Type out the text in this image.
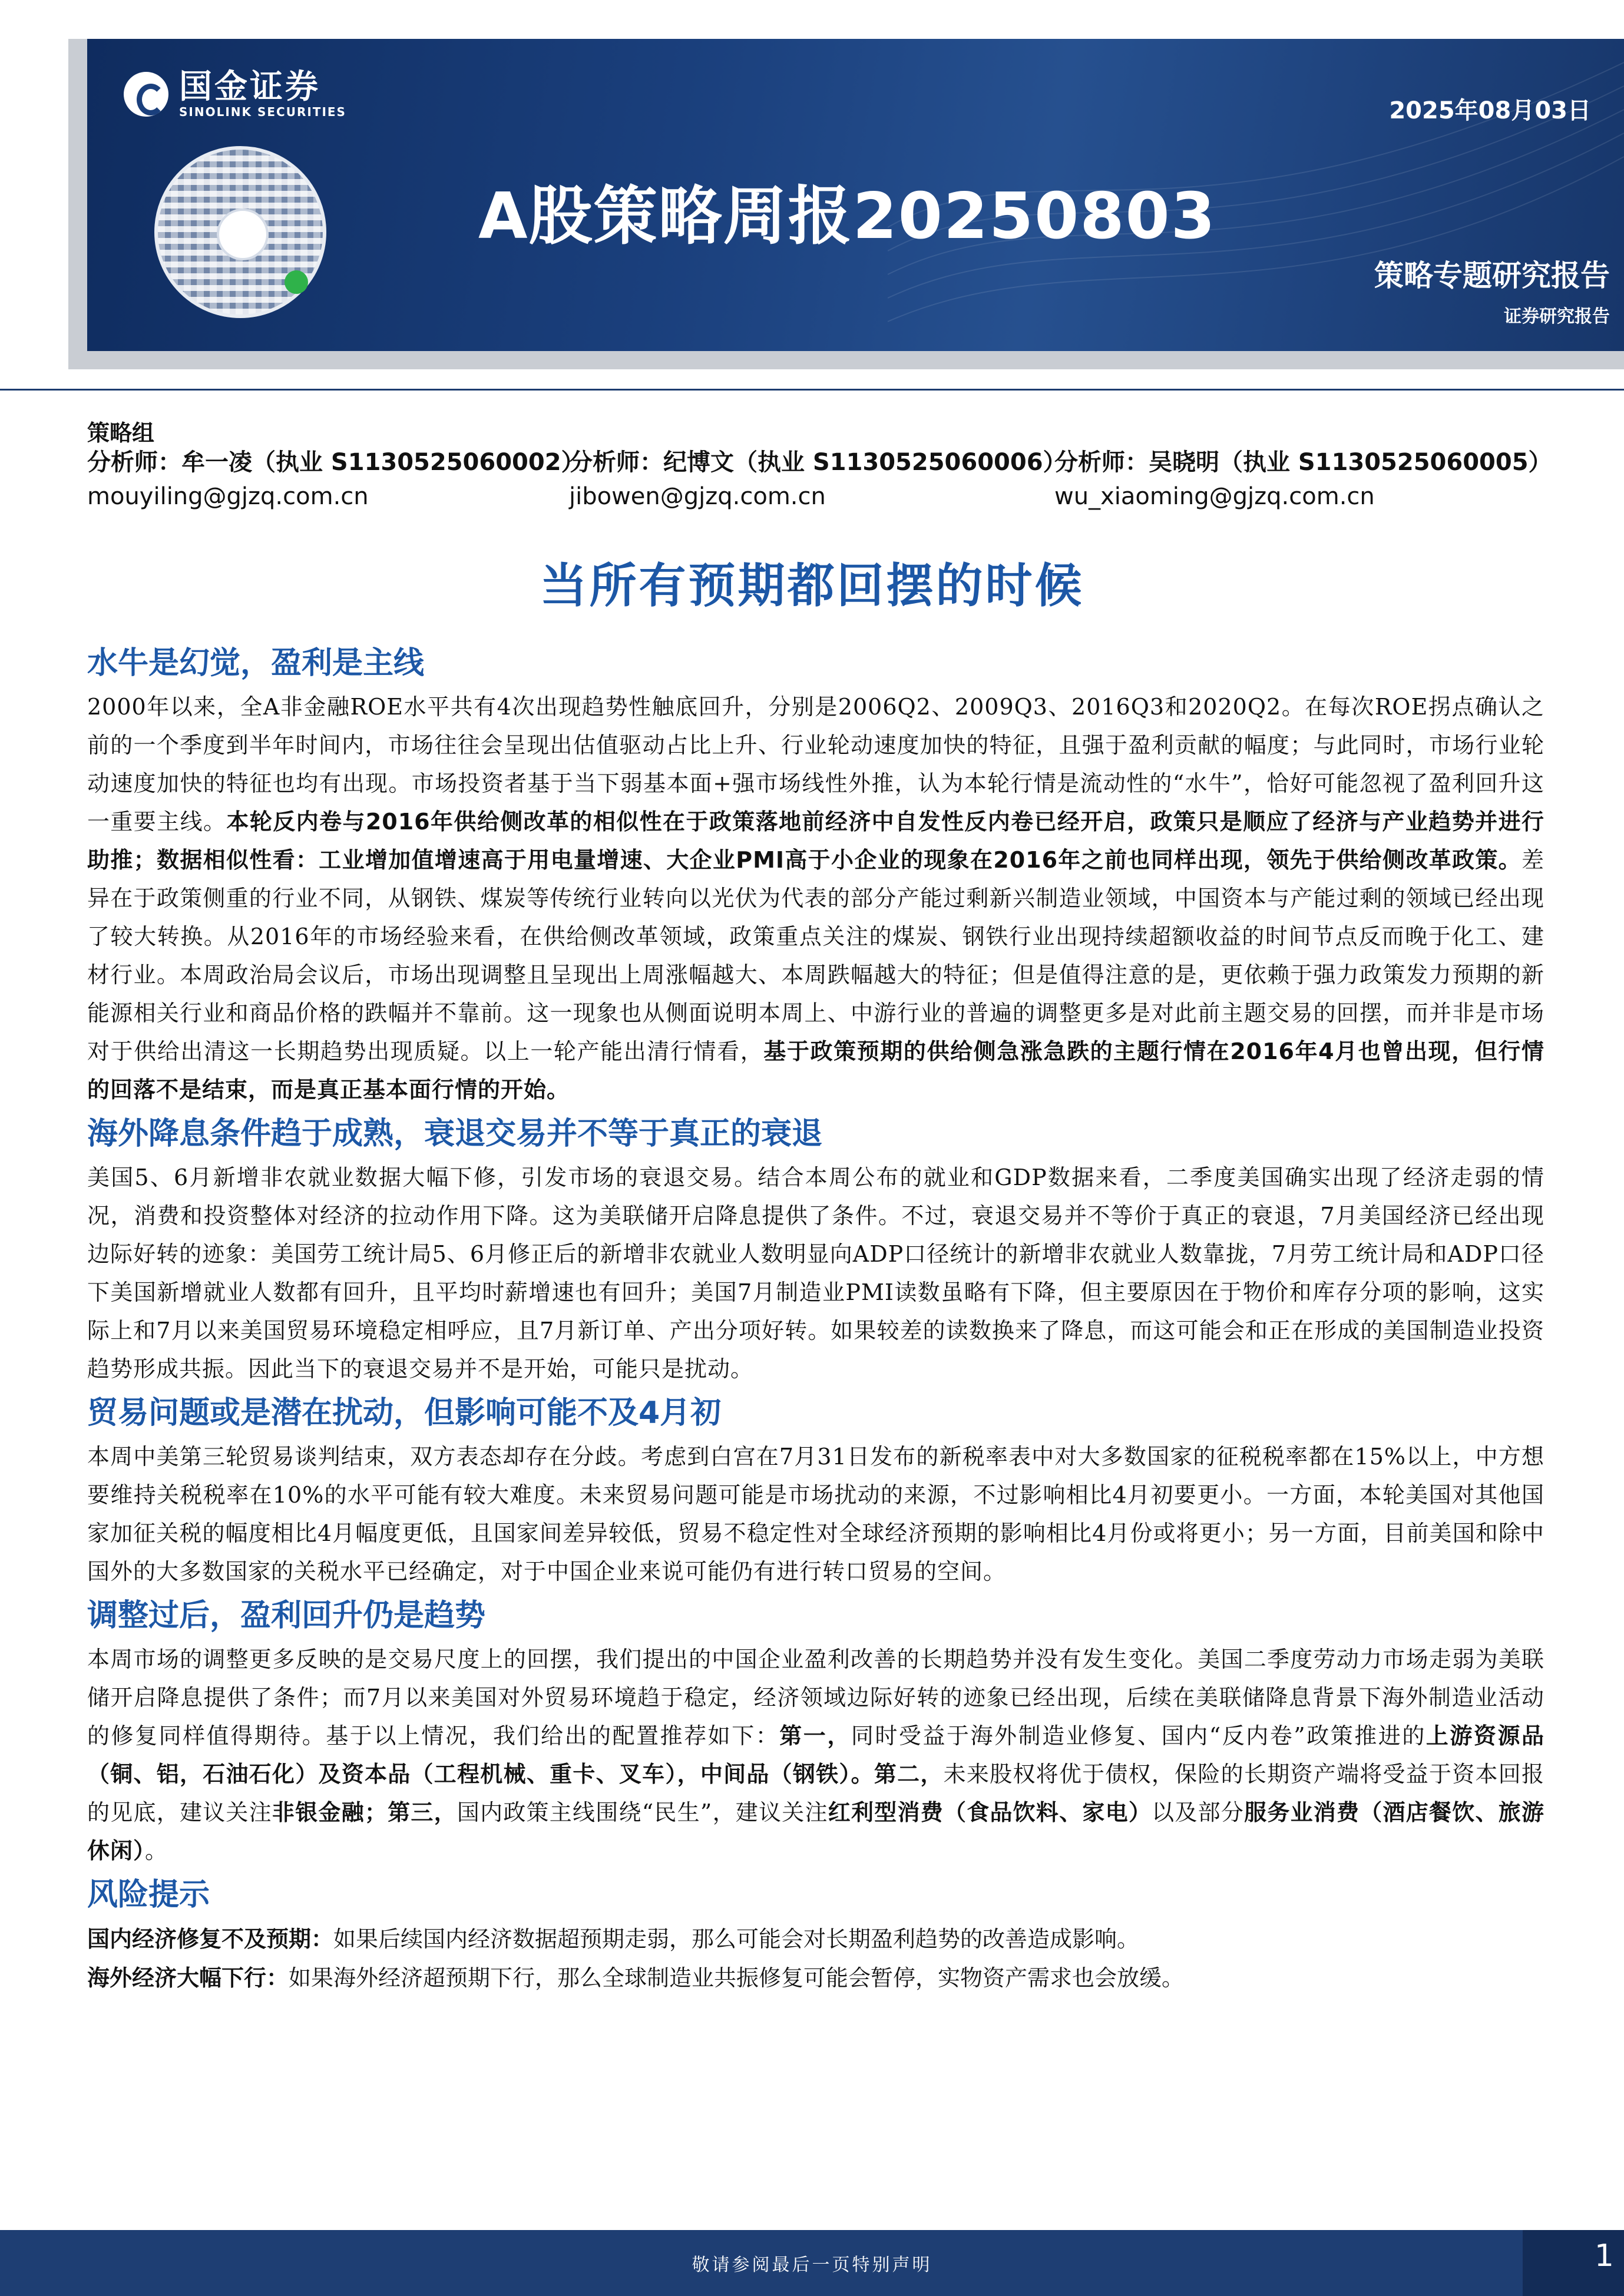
国金证券
SINOLINK SECURITIES	2025年08月03日
A股策略周报20250803
策略专题研究报告
证券研究报告
策略组
分析师：牟一凌（执业 S1130525060002）
mouyiling@gjzq.com.cn
分析师：纪博文（执业 S1130525060006）
jibowen@gjzq.com.cn
分析师：吴晓明（执业 S1130525060005）
wu_xiaoming@gjzq.com.cn
当所有预期都回摆的时候
水牛是幻觉，盈利是主线

2000年以来，全A非金融ROE水平共有4次出现趋势性触底回升，分别是2006Q2、2009Q3、2016Q3和2020Q2。在每次ROE拐点确认之前的一个季度到半年时间内，市场往往会呈现出估值驱动占比上升、行业轮动速度加快的特征，且强于盈利贡献的幅度；与此同时，市场行业轮动速度加快的特征也均有出现。市场投资者基于当下弱基本面+强市场线性外推，认为本轮行情是流动性的“水牛”，恰好可能忽视了盈利回升这一重要主线。本轮反内卷与2016年供给侧改革的相似性在于政策落地前经济中自发性反内卷已经开启，政策只是顺应了经济与产业趋势并进行助推；数据相似性看：工业增加值增速高于用电量增速、大企业PMI高于小企业的现象在2016年之前也同样出现，领先于供给侧改革政策。差异在于政策侧重的行业不同，从钢铁、煤炭等传统行业转向以光伏为代表的部分产能过剩新兴制造业领域，中国资本与产能过剩的领域已经出现了较大转换。从2016年的市场经验来看，在供给侧改革领域，政策重点关注的煤炭、钢铁行业出现持续超额收益的时间节点反而晚于化工、建材行业。本周政治局会议后，市场出现调整且呈现出上周涨幅越大、本周跌幅越大的特征；但是值得注意的是，更依赖于强力政策发力预期的新能源相关行业和商品价格的跌幅并不靠前。这一现象也从侧面说明本周上、中游行业的普遍的调整更多是对此前主题交易的回摆，而并非是市场对于供给出清这一长期趋势出现质疑。以上一轮产能出清行情看，基于政策预期的供给侧急涨急跌的主题行情在2016年4月也曾出现，但行情的回落不是结束，而是真正基本面行情的开始。

海外降息条件趋于成熟，衰退交易并不等于真正的衰退

美国5、6月新增非农就业数据大幅下修，引发市场的衰退交易。结合本周公布的就业和GDP数据来看，二季度美国确实出现了经济走弱的情况，消费和投资整体对经济的拉动作用下降。这为美联储开启降息提供了条件。不过，衰退交易并不等价于真正的衰退，7月美国经济已经出现边际好转的迹象：美国劳工统计局5、6月修正后的新增非农就业人数明显向ADP口径统计的新增非农就业人数靠拢，7月劳工统计局和ADP口径下美国新增就业人数都有回升，且平均时薪增速也有回升；美国7月制造业PMI读数虽略有下降，但主要原因在于物价和库存分项的影响，这实际上和7月以来美国贸易环境稳定相呼应，且7月新订单、产出分项好转。如果较差的读数换来了降息，而这可能会和正在形成的美国制造业投资趋势形成共振。因此当下的衰退交易并不是开始，可能只是扰动。

贸易问题或是潜在扰动，但影响可能不及4月初

本周中美第三轮贸易谈判结束，双方表态却存在分歧。考虑到白宫在7月31日发布的新税率表中对大多数国家的征税税率都在15%以上，中方想要维持关税税率在10%的水平可能有较大难度。未来贸易问题可能是市场扰动的来源，不过影响相比4月初要更小。一方面，本轮美国对其他国家加征关税的幅度相比4月幅度更低，且国家间差异较低，贸易不稳定性对全球经济预期的影响相比4月份或将更小；另一方面，目前美国和除中国外的大多数国家的关税水平已经确定，对于中国企业来说可能仍有进行转口贸易的空间。

调整过后，盈利回升仍是趋势

本周市场的调整更多反映的是交易尺度上的回摆，我们提出的中国企业盈利改善的长期趋势并没有发生变化。美国二季度劳动力市场走弱为美联储开启降息提供了条件；而7月以来美国对外贸易环境趋于稳定，经济领域边际好转的迹象已经出现，后续在美联储降息背景下海外制造业活动的修复同样值得期待。基于以上情况，我们给出的配置推荐如下：第一，同时受益于海外制造业修复、国内“反内卷”政策推进的上游资源品（铜、铝，石油石化）及资本品（工程机械、重卡、叉车），中间品（钢铁）。第二，未来股权将优于债权，保险的长期资产端将受益于资本回报的见底，建议关注非银金融；第三，国内政策主线围绕“民生”，建议关注红利型消费（食品饮料、家电）以及部分服务业消费（酒店餐饮、旅游休闲）。

风险提示

国内经济修复不及预期：如果后续国内经济数据超预期走弱，那么可能会对长期盈利趋势的改善造成影响。

海外经济大幅下行：如果海外经济超预期下行，那么全球制造业共振修复可能会暂停，实物资产需求也会放缓。

敬请参阅最后一页特别声明	1
